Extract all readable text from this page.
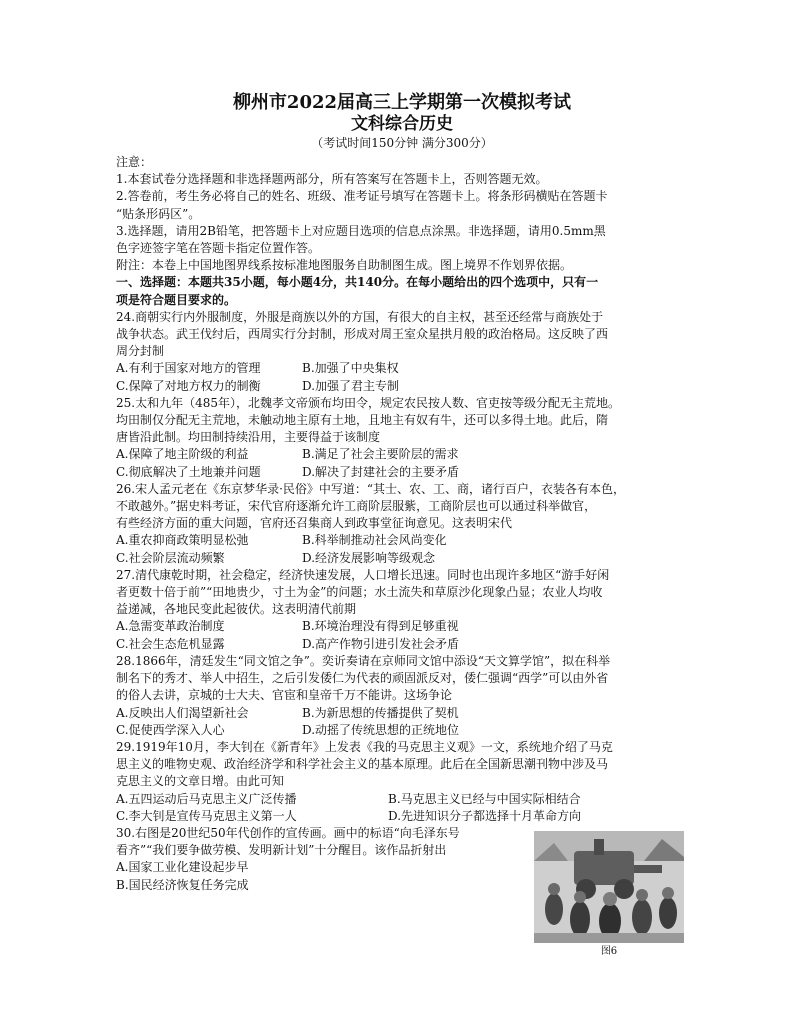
柳州市2022届高三上学期第一次模拟考试

文科综合历史

（考试时间150分钟 满分300分）

注意：

1.本套试卷分选择题和非选择题两部分，所有答案写在答题卡上，否则答题无效。

2.答卷前，考生务必将自己的姓名、班级、准考证号填写在答题卡上。将条形码横贴在答题卡
“贴条形码区”。

3.选择题，请用2B铅笔，把答题卡上对应题目选项的信息点涂黑。非选择题，请用0.5mm黑
色字迹签字笔在答题卡指定位置作答。

附注：本卷上中国地图界线系按标准地图服务自助制图生成。图上境界不作划界依据。

一、选择题：本题共35小题，每小题4分，共140分。在每小题给出的四个选项中，只有一
项是符合题目要求的。

24.商朝实行内外服制度，外服是商族以外的方国，有很大的自主权，甚至还经常与商族处于
战争状态。武王伐纣后，西周实行分封制，形成对周王室众星拱月般的政治格局。这反映了西
周分封制

A.有利于国家对地方的管理	B.加强了中央集权
C.保障了对地方权力的制衡	D.加强了君主专制

25.太和九年（485年），北魏孝文帝颁布均田令，规定农民按人数、官吏按等级分配无主荒地。
均田制仅分配无主荒地，未触动地主原有土地，且地主有奴有牛，还可以多得土地。此后，隋
唐皆沿此制。均田制持续沿用，主要得益于该制度

A.保障了地主阶级的利益	B.满足了社会主要阶层的需求
C.彻底解决了土地兼并问题	D.解决了封建社会的主要矛盾

26.宋人孟元老在《东京梦华录·民俗》中写道：“其士、农、工、商，诸行百户，衣装各有本色，
不敢越外。”据史料考证，宋代官府逐渐允许工商阶层服紫，工商阶层也可以通过科举做官，
有些经济方面的重大问题，官府还召集商人到政事堂征询意见。这表明宋代

A.重农抑商政策明显松弛	B.科举制推动社会风尚变化
C.社会阶层流动频繁	D.经济发展影响等级观念

27.清代康乾时期，社会稳定，经济快速发展，人口增长迅速。同时也出现许多地区“游手好闲
者更数十倍于前”“田地贵少，寸土为金”的问题；水土流失和草原沙化现象凸显；农业人均收
益递减，各地民变此起彼伏。这表明清代前期

A.急需变革政治制度	B.环境治理没有得到足够重视
C.社会生态危机显露	D.高产作物引进引发社会矛盾

28.1866年，清廷发生“同文馆之争”。奕䜣奏请在京师同文馆中添设“天文算学馆”，拟在科举
制名下的秀才、举人中招生，之后引发倭仁为代表的顽固派反对，倭仁强调“西学”可以由外省
的俗人去讲，京城的士大夫、官宦和皇帝千万不能讲。这场争论

A.反映出人们渴望新社会	B.为新思想的传播提供了契机
C.促使西学深入人心	D.动摇了传统思想的正统地位

29.1919年10月，李大钊在《新青年》上发表《我的马克思主义观》一文，系统地介绍了马克
思主义的唯物史观、政治经济学和科学社会主义的基本原理。此后在全国新思潮刊物中涉及马
克思主义的文章日增。由此可知

A.五四运动后马克思主义广泛传播	B.马克思主义已经与中国实际相结合
C.李大钊是宣传马克思主义第一人	D.先进知识分子都选择十月革命方向

30.右图是20世纪50年代创作的宣传画。画中的标语“向毛泽东号
看齐”“我们要争做劳模、发明新计划”十分醒目。该作品折射出

A.国家工业化建设起步早

B.国民经济恢复任务完成

图6
